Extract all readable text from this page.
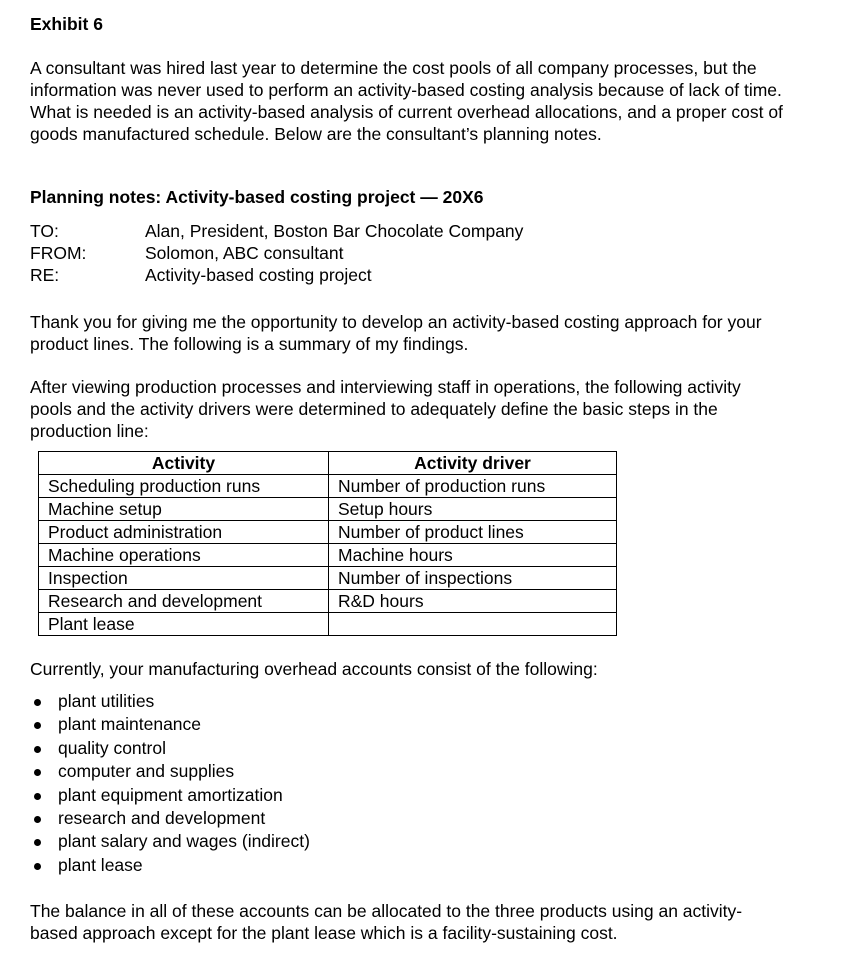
Exhibit 6

A consultant was hired last year to determine the cost pools of all company processes, but the information was never used to perform an activity-based costing analysis because of lack of time. What is needed is an activity-based analysis of current overhead allocations, and a proper cost of goods manufactured schedule. Below are the consultant’s planning notes.

Planning notes: Activity-based costing project — 20X6
TO:	Alan, President, Boston Bar Chocolate Company
FROM:	Solomon, ABC consultant
RE:	Activity-based costing project

Thank you for giving me the opportunity to develop an activity-based costing approach for your product lines. The following is a summary of my findings.

After viewing production processes and interviewing staff in operations, the following activity pools and the activity drivers were determined to adequately define the basic steps in the production line:

Activity	Activity driver
Scheduling production runs	Number of production runs
Machine setup	Setup hours
Product administration	Number of product lines
Machine operations	Machine hours
Inspection	Number of inspections
Research and development	R&D hours
Plant lease	

Currently, your manufacturing overhead accounts consist of the following:

plant utilities
plant maintenance
quality control
computer and supplies
plant equipment amortization
research and development
plant salary and wages (indirect)
plant lease

The balance in all of these accounts can be allocated to the three products using an activity-based approach except for the plant lease which is a facility-sustaining cost.
